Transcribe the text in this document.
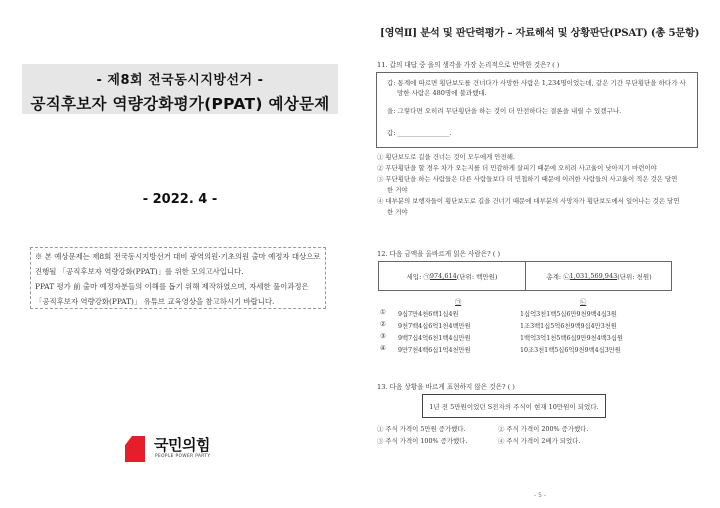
- 제8회 전국동시지방선거 -
공직후보자 역량강화평가(PPAT) 예상문제
- 2022. 4 -
※ 본 예상문제는 제8회 전국동시지방선거 대비 광역의원·기초의원 출마 예정자 대상으로
진행될 「공직후보자 역량강화(PPAT)」를 위한 모의고사입니다.
PPAT 평가 前 출마 예정자분들의 이해를 돕기 위해 제작하였으며, 자세한 풀이과정은
「공직후보자 역량강화(PPAT)」 유튜브 교육영상을 참고하시기 바랍니다.
국민의힘
PEOPLE POWER PARTY
[영역Ⅱ] 분석 및 판단력평가 – 자료해석 및 상황판단(PSAT) (총 5문항)
11. 갑의 대답 중 을의 생각을 가장 논리적으로 반박한 것은? ( )
갑: 통계에 따르면 횡단보도를 건너다가 사망한 사람은 1,234명이었는데, 같은 기간 무단횡단을 하다가 사
망한 사람은 480명에 불과했대.
을: 그렇다면 오히려 무단횡단을 하는 것이 더 안전하다는 결론을 내릴 수 있겠구나.
갑: ________________.
① 횡단보도로 길을 건너는 것이 모두에게 안전해.
② 무단횡단을 할 경우 차가 오는지를 더 민감하게 살피기 때문에 오히려 사고율이 낮아지기 마련이야
③ 무단횡단을 하는 사람들은 다른 사람들보다 더 민첩하기 때문에 이러한 사람들의 사고율이 적은 것은 당연
한 거야
④ 대부분의 보행자들이 횡단보도로 길을 건너기 때문에 대부분의 사망자가 횡단보도에서 일어나는 것은 당연
한 거야
12. 다음 금액을 올바르게 읽은 사람은? ( )
세입: ㉠ 974,614 (단위: 백만원)	총계: ㉡ 1,031,569,943 (단위: 천원)
㉠	㉡
① 9십7만4천6백1십4원	1십억3천1백5십6만9천9백4십3원
② 9천7백4십6억1천4백만원	1조3백1십5억6천9백9십4만3천원
③ 9백7십4억6천1백4십만원	1백억3억1천5백6십9만9천4백3십원
④ 9만7천4백6십1억4천만원	10조3천1백5십6억9천9백4십3만원
13. 다음 상황을 바르게 표현하지 않은 것은? ( )
1년 전 5만원이었던 S전자의 주식이 현재 10만원이 되었다.
① 주식 가격이 5만원 증가했다.	② 주식 가격이 200% 증가했다.
③ 주식 가격이 100% 증가했다.	④ 주식 가격이 2배가 되었다.
- 5 -
